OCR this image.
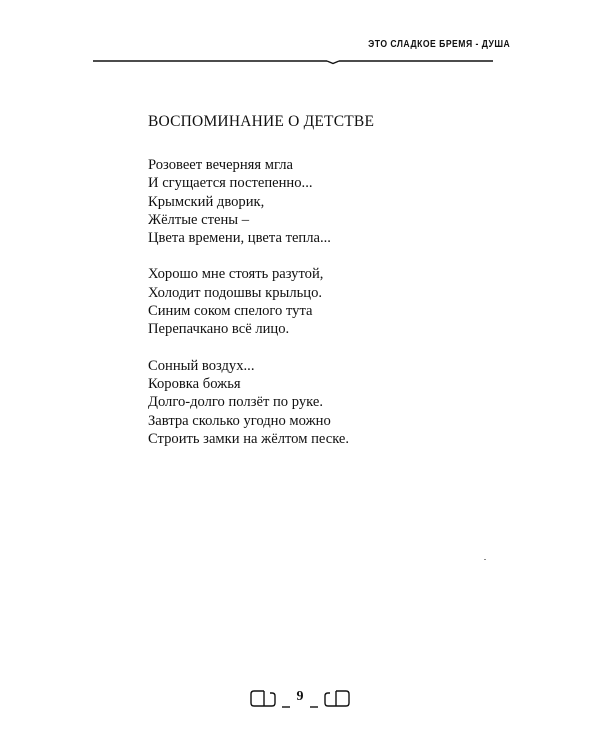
ЭТО СЛАДКОЕ БРЕМЯ - ДУША
ВОСПОМИНАНИЕ О ДЕТСТВЕ
Розовеет вечерняя мгла
И сгущается постепенно...
Крымский дворик,
Жёлтые стены –
Цвета времени, цвета тепла...
Хорошо мне стоять разутой,
Холодит подошвы крыльцо.
Синим соком спелого тута
Перепачкано всё лицо.
Сонный воздух...
Коровка божья
Долго-долго ползёт по руке.
Завтра сколько угодно можно
Строить замки на жёлтом песке.
9
